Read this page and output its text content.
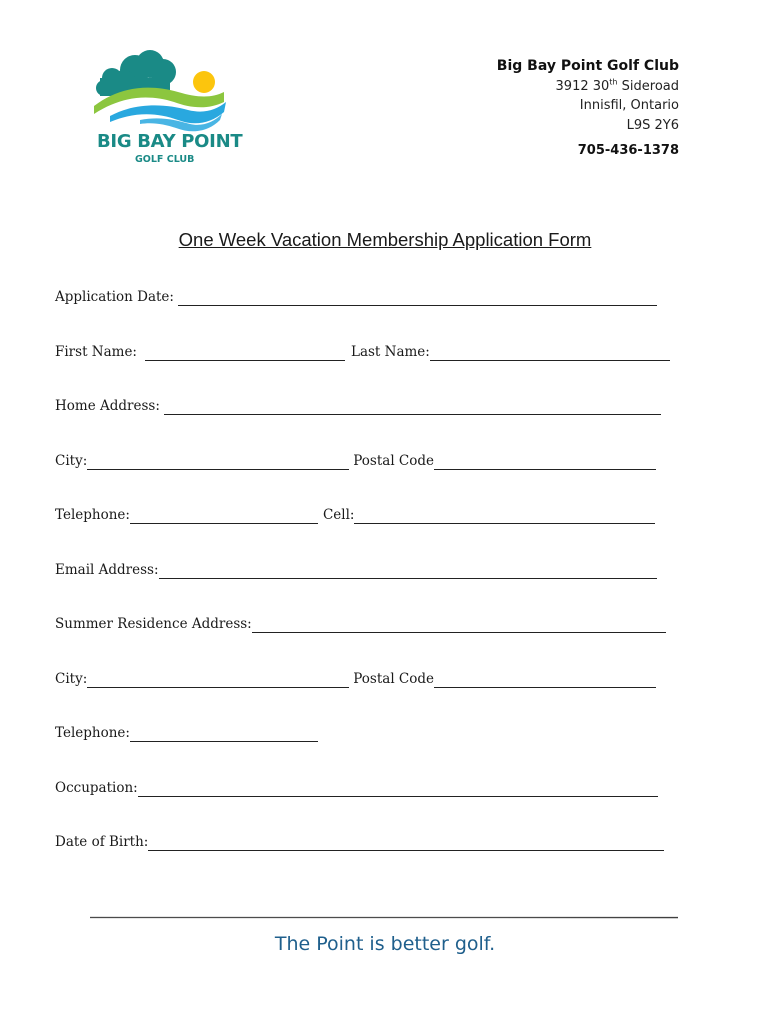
BIG BAY POINT
GOLF CLUB
Big Bay Point Golf Club
3912 30th Sideroad
Innisfil, Ontario
L9S 2Y6
705-436-1378
One Week Vacation Membership Application Form
Application Date:
First Name:	Last Name:
Home Address:
City:	Postal Code
Telephone:	Cell:
Email Address:
Summer Residence Address:
City:	Postal Code
Telephone:
Occupation:
Date of Birth:
The Point is better golf.
